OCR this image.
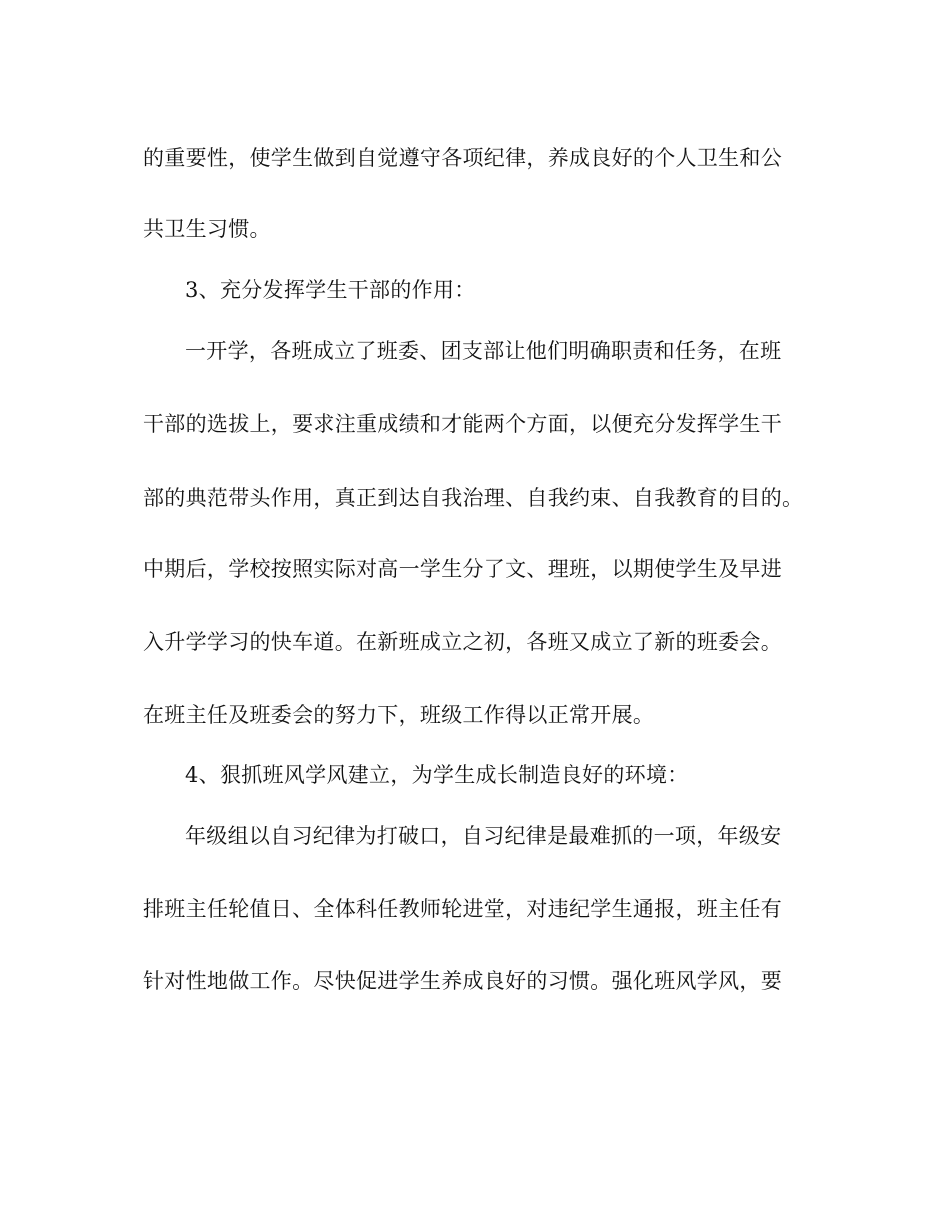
的重要性，使学生做到自觉遵守各项纪律，养成良好的个人卫生和公
共卫生习惯。
3、充分发挥学生干部的作用：
一开学，各班成立了班委、团支部让他们明确职责和任务，在班
干部的选拔上，要求注重成绩和才能两个方面，以便充分发挥学生干
部的典范带头作用，真正到达自我治理、自我约束、自我教育的目的。
中期后，学校按照实际对高一学生分了文、理班，以期使学生及早进
入升学学习的快车道。在新班成立之初，各班又成立了新的班委会。
在班主任及班委会的努力下，班级工作得以正常开展。
4、狠抓班风学风建立，为学生成长制造良好的环境：
年级组以自习纪律为打破口，自习纪律是最难抓的一项，年级安
排班主任轮值日、全体科任教师轮进堂，对违纪学生通报，班主任有
针对性地做工作。尽快促进学生养成良好的习惯。强化班风学风，要
